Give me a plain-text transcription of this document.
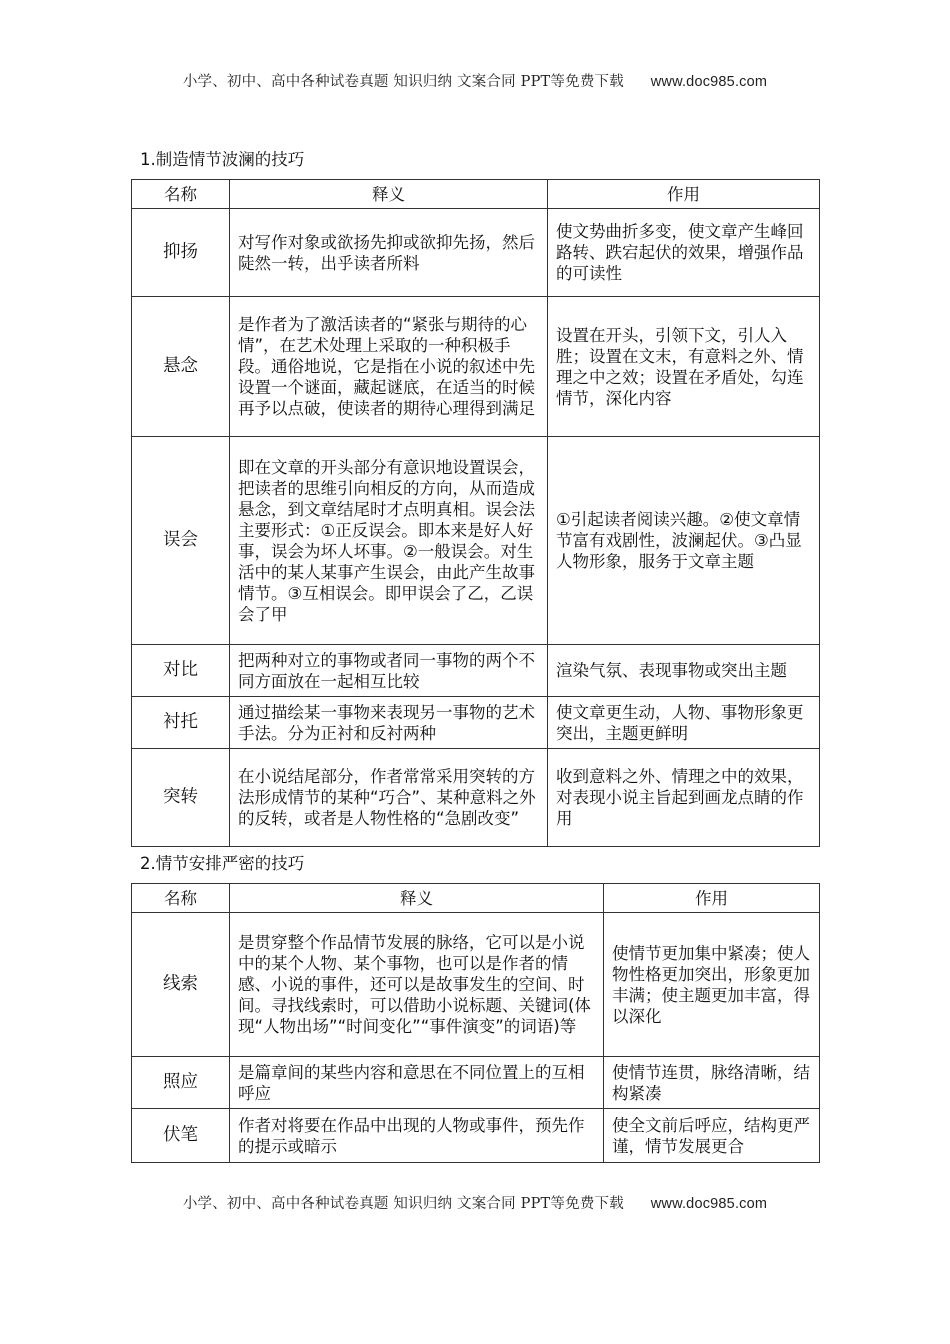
小学、初中、高中各种试卷真题 知识归纳 文案合同 PPT等免费下载 www.doc985.com
1.制造情节波澜的技巧
名称	释义	作用
抑扬	对写作对象或欲扬先抑或欲抑先扬，然后陡然一转，出乎读者所料	使文势曲折多变，使文章产生峰回路转、跌宕起伏的效果，增强作品的可读性
悬念	是作者为了激活读者的“紧张与期待的心情”，在艺术处理上采取的一种积极手段。通俗地说，它是指在小说的叙述中先设置一个谜面，藏起谜底，在适当的时候再予以点破，使读者的期待心理得到满足	设置在开头，引领下文，引人入胜；设置在文末，有意料之外、情理之中之效；设置在矛盾处，勾连情节，深化内容
误会	即在文章的开头部分有意识地设置误会，把读者的思维引向相反的方向，从而造成悬念，到文章结尾时才点明真相。误会法主要形式：①正反误会。即本来是好人好事，误会为坏人坏事。②一般误会。对生活中的某人某事产生误会，由此产生故事情节。③互相误会。即甲误会了乙，乙误会了甲	①引起读者阅读兴趣。②使文章情节富有戏剧性，波澜起伏。③凸显人物形象，服务于文章主题
对比	把两种对立的事物或者同一事物的两个不同方面放在一起相互比较	渲染气氛、表现事物或突出主题
衬托	通过描绘某一事物来表现另一事物的艺术手法。分为正衬和反衬两种	使文章更生动，人物、事物形象更突出，主题更鲜明
突转	在小说结尾部分，作者常常采用突转的方法形成情节的某种“巧合”、某种意料之外的反转，或者是人物性格的“急剧改变”	收到意料之外、情理之中的效果，对表现小说主旨起到画龙点睛的作用
2.情节安排严密的技巧
名称	释义	作用
线索	是贯穿整个作品情节发展的脉络，它可以是小说中的某个人物、某个事物，也可以是作者的情感、小说的事件，还可以是故事发生的空间、时间。寻找线索时，可以借助小说标题、关键词(体现“人物出场”“时间变化”“事件演变”的词语)等	使情节更加集中紧凑；使人物性格更加突出，形象更加丰满；使主题更加丰富，得以深化
照应	是篇章间的某些内容和意思在不同位置上的互相呼应	使情节连贯，脉络清晰，结构紧凑
伏笔	作者对将要在作品中出现的人物或事件，预先作的提示或暗示	使全文前后呼应，结构更严谨，情节发展更合
小学、初中、高中各种试卷真题 知识归纳 文案合同 PPT等免费下载 www.doc985.com
